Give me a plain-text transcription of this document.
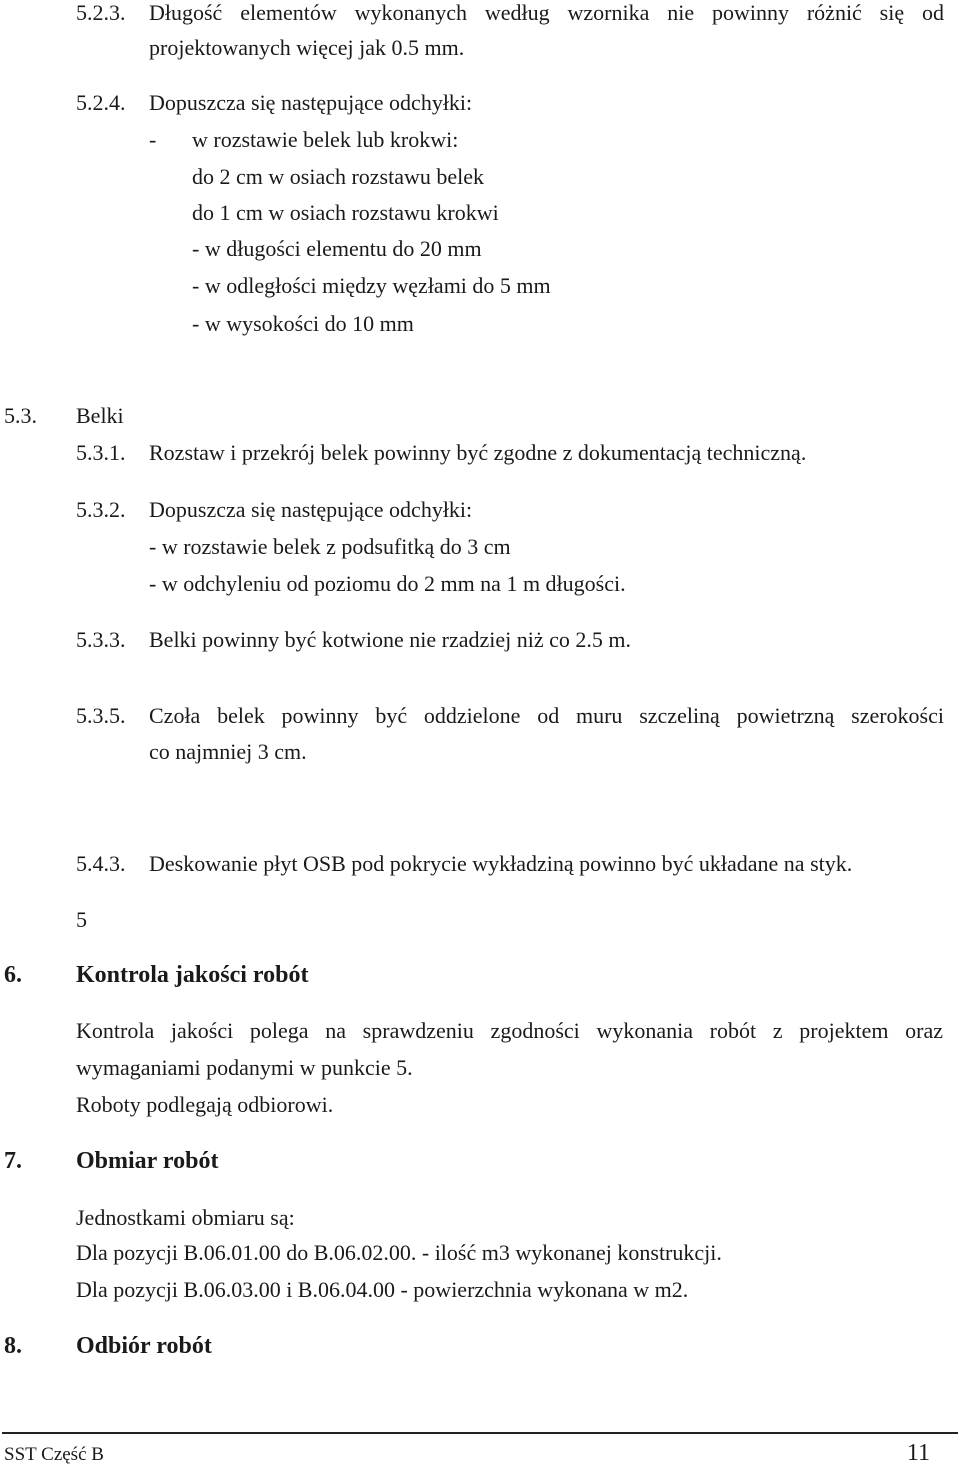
5.2.3. Długość elementów wykonanych według wzornika nie powinny różnić się od
projektowanych więcej jak 0.5 mm.
5.2.4. Dopuszcza się następujące odchyłki:
- w rozstawie belek lub krokwi:
do 2 cm w osiach rozstawu belek
do 1 cm w osiach rozstawu krokwi
- w długości elementu do 20 mm
- w odległości między węzłami do 5 mm
- w wysokości do 10 mm
5.3. Belki
5.3.1. Rozstaw i przekrój belek powinny być zgodne z dokumentacją techniczną.
5.3.2. Dopuszcza się następujące odchyłki:
- w rozstawie belek z podsufitką do 3 cm
- w odchyleniu od poziomu do 2 mm na 1 m długości.
5.3.3. Belki powinny być kotwione nie rzadziej niż co 2.5 m.
5.3.5. Czoła belek powinny być oddzielone od muru szczeliną powietrzną szerokości
co najmniej 3 cm.
5.4.3. Deskowanie płyt OSB pod pokrycie wykładziną powinno być układane na styk.
5
6. Kontrola jakości robót
Kontrola jakości polega na sprawdzeniu zgodności wykonania robót z projektem oraz
wymaganiami podanymi w punkcie 5.
Roboty podlegają odbiorowi.
7. Obmiar robót
Jednostkami obmiaru są:
Dla pozycji B.06.01.00 do B.06.02.00. - ilość m3 wykonanej konstrukcji.
Dla pozycji B.06.03.00 i B.06.04.00 - powierzchnia wykonana w m2.
8. Odbiór robót
SST Część B	11
